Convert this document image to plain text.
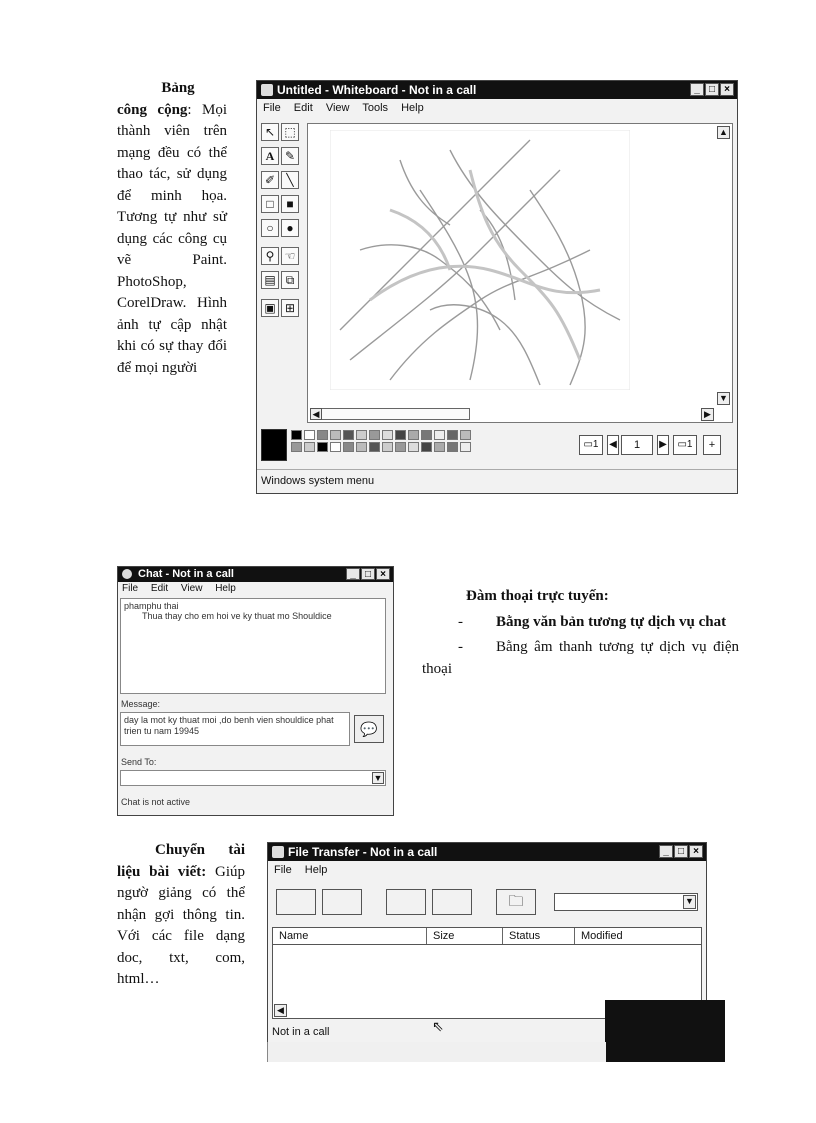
Bảng
công cộng: Mọi thành viên trên mạng đều có thể thao tác, sử dụng để minh họa. Tương tự như sử dụng các công cụ vẽ Paint. PhotoShop, CorelDraw. Hình ảnh tự cập nhật khi có sự thay đổi để mọi người
Untitled - Whiteboard - Not in a call	_ □ ×
File Edit View Tools Help
↖ ⬚
A ✎
✐ ╲
□	■
○	●
⚲ ☜
▤ ⧉
▣ ⊞
▲
▼
◀	▶
▭1	◀	1	▶	▭1	+
Windows system menu
Chat - Not in a call	_ □ ×
File Edit View Help
phamphu thai
Thua thay cho em hoi ve ky thuat mo Shouldice
Message:
day la mot ky thuat moi ,do benh vien shouldice phat trien tu nam 19945	💬
Send To:
▼
Chat is not active
Đàm thoại trực tuyến:
- Bằng văn bản tương tự dịch vụ chat
- Bằng âm thanh tương tự dịch vụ điện thoại
Chuyển tài liệu bài viết: Giúp ngườ giảng có thể nhận gợi thông tin. Với các file dạng doc, txt, com, html…
File Transfer - Not in a call	_ □ ×
File Help
🗀	▼
Name	Size	Status	Modified
◀
Not in a call	⇖
